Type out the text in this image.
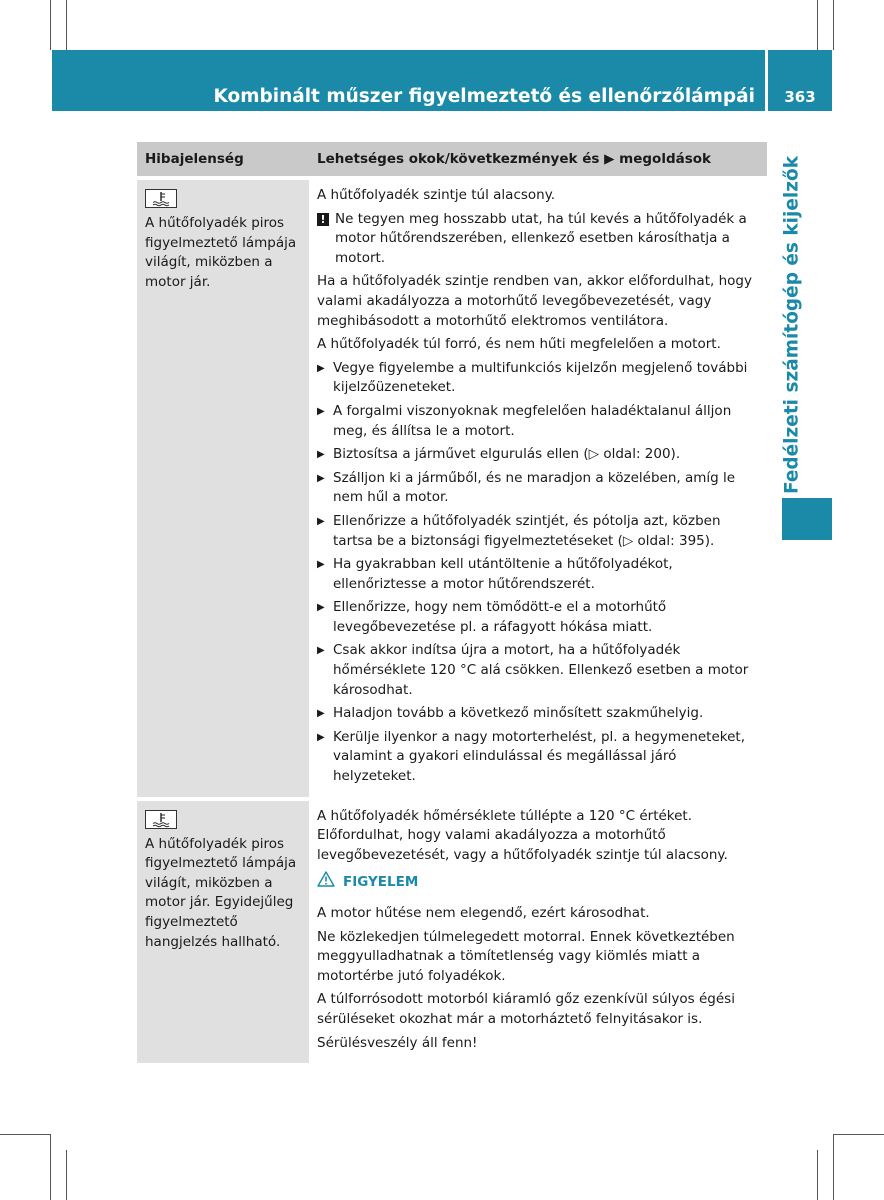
Kombinált műszer figyelmeztető és ellenőrzőlámpái	363
Fedélzeti számítógép és kijelzők
Hibajelenség	Lehetséges okok/következmények és ▶ megoldások
A hűtőfolyadék piros figyelmeztető lámpája világít, miközben a motor jár.

A hűtőfolyadék szintje túl alacsony.

! Ne tegyen meg hosszabb utat, ha túl kevés a hűtőfolyadék a motor hűtőrendszerében, ellenkező esetben károsíthatja a motort.

Ha a hűtőfolyadék szintje rendben van, akkor előfordulhat, hogy valami akadályozza a motorhűtő levegőbevezetését, vagy meghibásodott a motorhűtő elektromos ventilátora.

A hűtőfolyadék túl forró, és nem hűti megfelelően a motort.

▶ Vegye figyelembe a multifunkciós kijelzőn megjelenő további kijelzőüzeneteket.
▶ A forgalmi viszonyoknak megfelelően haladéktalanul álljon meg, és állítsa le a motort.
▶ Biztosítsa a járművet elgurulás ellen (▷ oldal: 200).
▶ Szálljon ki a járműből, és ne maradjon a közelében, amíg le nem hűl a motor.
▶ Ellenőrizze a hűtőfolyadék szintjét, és pótolja azt, közben tartsa be a biztonsági figyelmeztetéseket (▷ oldal: 395).
▶ Ha gyakrabban kell utántöltenie a hűtőfolyadékot, ellenőriztesse a motor hűtőrendszerét.
▶ Ellenőrizze, hogy nem tömődött-e el a motorhűtő levegőbevezetése pl. a ráfagyott hókása miatt.
▶ Csak akkor indítsa újra a motort, ha a hűtőfolyadék hőmérséklete 120 °C alá csökken. Ellenkező esetben a motor károsodhat.
▶ Haladjon tovább a következő minősített szakműhelyig.
▶ Kerülje ilyenkor a nagy motorterhelést, pl. a hegymeneteket, valamint a gyakori elindulással és megállással járó helyzeteket.
A hűtőfolyadék piros figyelmeztető lámpája világít, miközben a motor jár. Egyidejűleg figyelmeztető hangjelzés hallható.

A hűtőfolyadék hőmérséklete túllépte a 120 °C értéket. Előfordulhat, hogy valami akadályozza a motorhűtő levegőbevezetését, vagy a hűtőfolyadék szintje túl alacsony.

FIGYELEM

A motor hűtése nem elegendő, ezért károsodhat.

Ne közlekedjen túlmelegedett motorral. Ennek következtében meggyulladhatnak a tömítetlenség vagy kiömlés miatt a motortérbe jutó folyadékok.

A túlforrósodott motorból kiáramló gőz ezenkívül súlyos égési sérüléseket okozhat már a motorháztető felnyitásakor is.

Sérülésveszély áll fenn!
